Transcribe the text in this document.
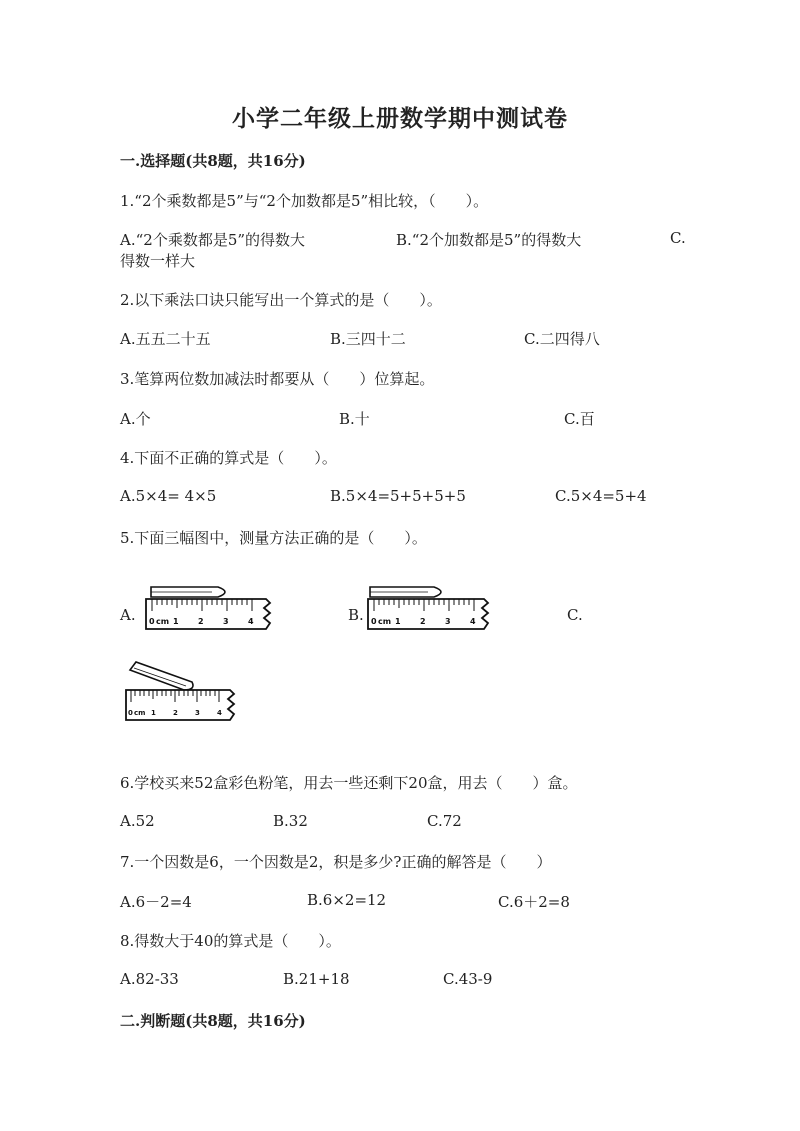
小学二年级上册数学期中测试卷
一.选择题(共8题，共16分)
1.“2个乘数都是5”与“2个加数都是5”相比较，（　　）。
A.“2个乘数都是5”的得数大	B.“2个加数都是5”的得数大	C.
得数一样大
2.以下乘法口诀只能写出一个算式的是（　　）。
A.五五二十五	B.三四十二	C.二四得八
3.笔算两位数加减法时都要从（　　）位算起。
A.个	B.十	C.百
4.下面不正确的算式是（　　）。
A.5×4= 4×5	B.5×4=5+5+5+5	C.5×4=5+4
5.下面三幅图中，测量方法正确的是（　　）。
A.	B.	C.
0 cm 1 2 3 4	0 cm 1 2 3 4
0 cm 1 2 3 4
6.学校买来52盒彩色粉笔，用去一些还剩下20盒，用去（　　）盒。
A.52	B.32	C.72
7.一个因数是6，一个因数是2，积是多少?正确的解答是（　　）
A.6－2=4	B.6×2=12	C.6＋2=8
8.得数大于40的算式是（　　）。
A.82-33	B.21+18	C.43-9
二.判断题(共8题，共16分)
